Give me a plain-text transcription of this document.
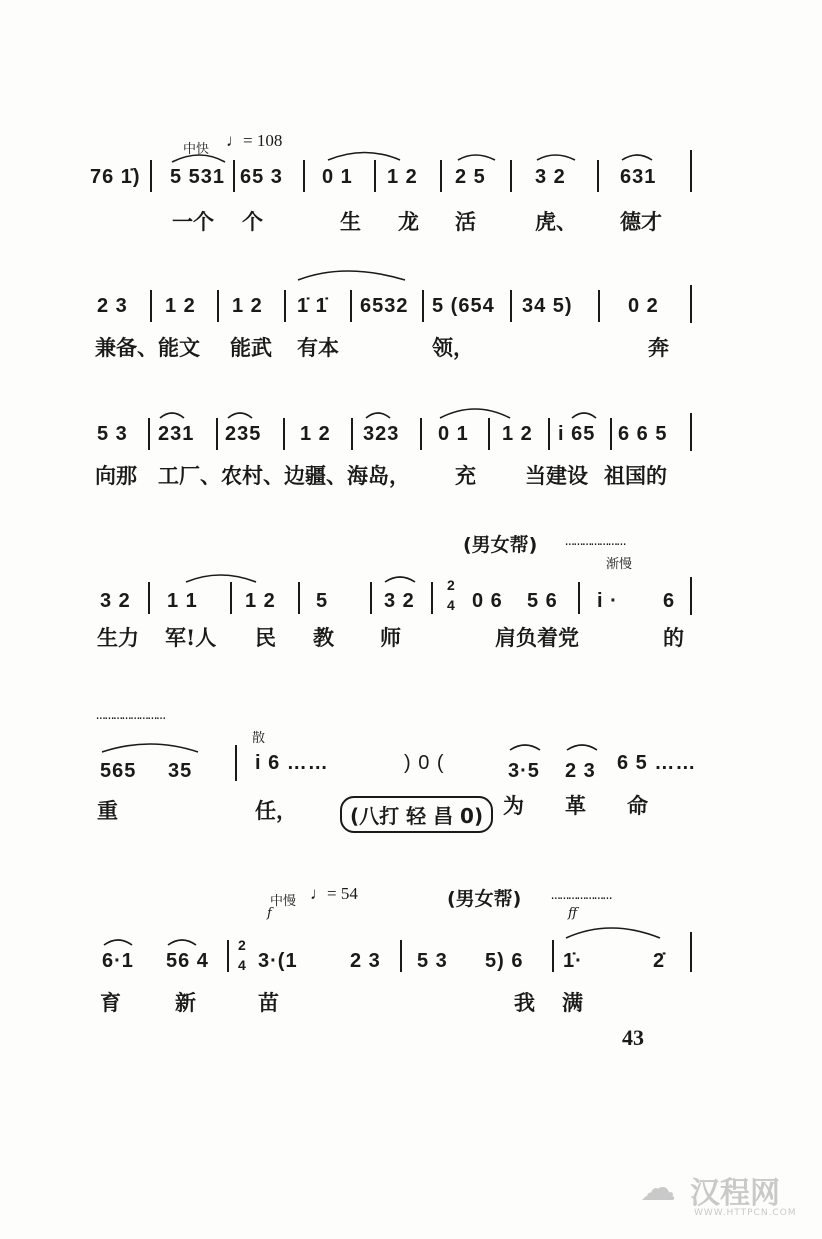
中快 ♩= 108
76 1̇) 5 531 65 3 0 1 1 2 2 5 3 2	631
一个 个	生 龙 活	虎、 德才
2 3 1 2 1 2 1̇ 1̇ 6532 5 (654 34 5)	0 2
兼备、能文 能武 有本	领，	奔
5 3 231 235 1 2 323 0 1 1 2 i 65 6 6 5
向那 工厂、农村、边疆、海岛， 充 当建设 祖国的
(男女帮) …………………
渐慢
3 2 1 1 1 2 5	3 2
2
4 0 6 5 6 i · 6
生力 军!人 民 教 师	肩负着党	的
……………………
散
565 35	i 6 ……	) 0 (	3·5 2 3 6 5 ……
重	任，	(八打 轻 昌 0) 为 革 命
中慢 ♩= 54
f
(男女帮) …………………
ff
6·1 56 4
2
4 3·(1	2 3 5 3 5) 6 1̇·	2̇
育	新	苗	我 满
43
☁ 汉程网
WWW.HTTPCN.COM
